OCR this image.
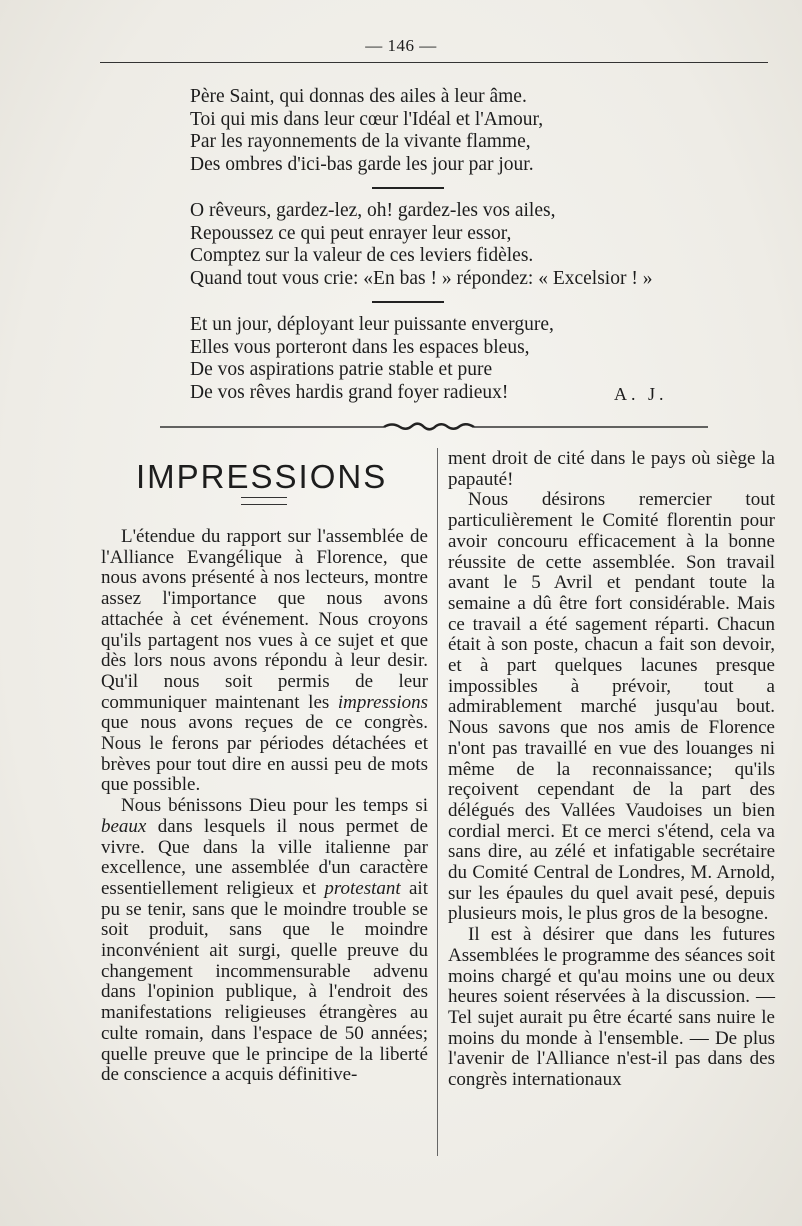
— 146 —
Père Saint, qui donnas des ailes à leur âme.
Toi qui mis dans leur cœur l'Idéal et l'Amour,
Par les rayonnements de la vivante flamme,
Des ombres d'ici-bas garde les jour par jour.
O rêveurs, gardez-lez, oh! gardez-les vos ailes,
Repoussez ce qui peut enrayer leur essor,
Comptez sur la valeur de ces leviers fidèles.
Quand tout vous crie: «En bas ! » répondez: « Excelsior ! »
Et un jour, déployant leur puissante envergure,
Elles vous porteront dans les espaces bleus,
De vos aspirations patrie stable et pure
De vos rêves hardis grand foyer radieux!	A. J.
IMPRESSIONS

L'étendue du rapport sur l'assemblée de l'Alliance Evangélique à Florence, que nous avons présenté à nos lecteurs, montre assez l'importance que nous avons attachée à cet événement. Nous croyons qu'ils partagent nos vues à ce sujet et que dès lors nous avons répondu à leur desir. Qu'il nous soit permis de leur communiquer maintenant les impressions que nous avons reçues de ce congrès. Nous le ferons par périodes détachées et brèves pour tout dire en aussi peu de mots que possible.

Nous bénissons Dieu pour les temps si beaux dans lesquels il nous permet de vivre. Que dans la ville italienne par excellence, une assemblée d'un caractère essentiellement religieux et protestant ait pu se tenir, sans que le moindre trouble se soit produit, sans que le moindre inconvénient ait surgi, quelle preuve du changement incommensurable advenu dans l'opinion publique, à l'endroit des manifestations religieuses étrangères au culte romain, dans l'espace de 50 années; quelle preuve que le principe de la liberté de conscience a acquis définitive-

ment droit de cité dans le pays où siège la papauté!

Nous désirons remercier tout particulièrement le Comité florentin pour avoir concouru efficacement à la bonne réussite de cette assemblée. Son travail avant le 5 Avril et pendant toute la semaine a dû être fort considérable. Mais ce travail a été sagement réparti. Chacun était à son poste, chacun a fait son devoir, et à part quelques lacunes presque impossibles à prévoir, tout a admirablement marché jusqu'au bout. Nous savons que nos amis de Florence n'ont pas travaillé en vue des louanges ni même de la reconnaissance; qu'ils reçoivent cependant de la part des délégués des Vallées Vaudoises un bien cordial merci. Et ce merci s'étend, cela va sans dire, au zélé et infatigable secrétaire du Comité Central de Londres, M. Arnold, sur les épaules du quel avait pesé, depuis plusieurs mois, le plus gros de la besogne.

Il est à désirer que dans les futures Assemblées le programme des séances soit moins chargé et qu'au moins une ou deux heures soient réservées à la discussion. — Tel sujet aurait pu être écarté sans nuire le moins du monde à l'ensemble. — De plus l'avenir de l'Alliance n'est-il pas dans des congrès internationaux
